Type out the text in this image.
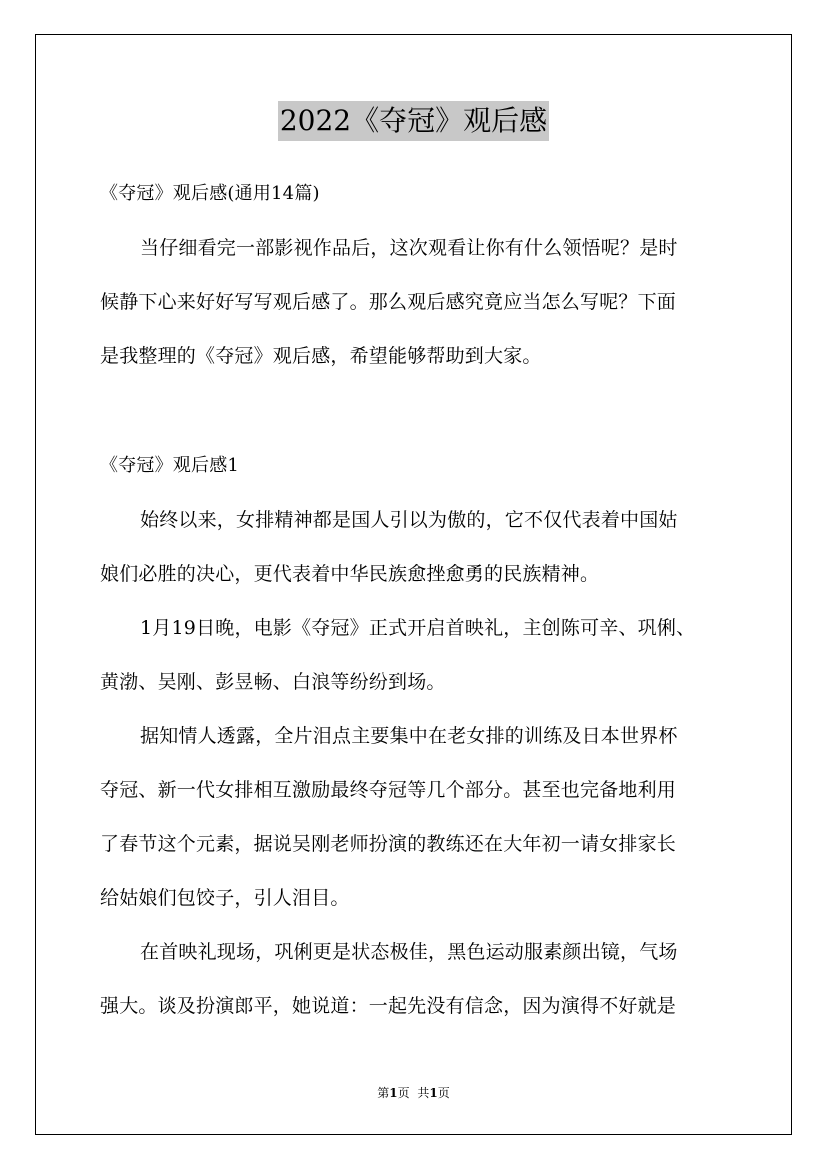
2022《夺冠》观后感
《夺冠》观后感(通用14篇)
当仔细看完一部影视作品后，这次观看让你有什么领悟呢？是时
候静下心来好好写写观后感了。那么观后感究竟应当怎么写呢？下面
是我整理的《夺冠》观后感，希望能够帮助到大家。
《夺冠》观后感1
始终以来，女排精神都是国人引以为傲的，它不仅代表着中国姑
娘们必胜的决心，更代表着中华民族愈挫愈勇的民族精神。
1月19日晚，电影《夺冠》正式开启首映礼，主创陈可辛、巩俐、
黄渤、吴刚、彭昱畅、白浪等纷纷到场。
据知情人透露，全片泪点主要集中在老女排的训练及日本世界杯
夺冠、新一代女排相互激励最终夺冠等几个部分。甚至也完备地利用
了春节这个元素，据说吴刚老师扮演的教练还在大年初一请女排家长
给姑娘们包饺子，引人泪目。
在首映礼现场，巩俐更是状态极佳，黑色运动服素颜出镜，气场
强大。谈及扮演郎平，她说道：一起先没有信念，因为演得不好就是
第1页 共1页
